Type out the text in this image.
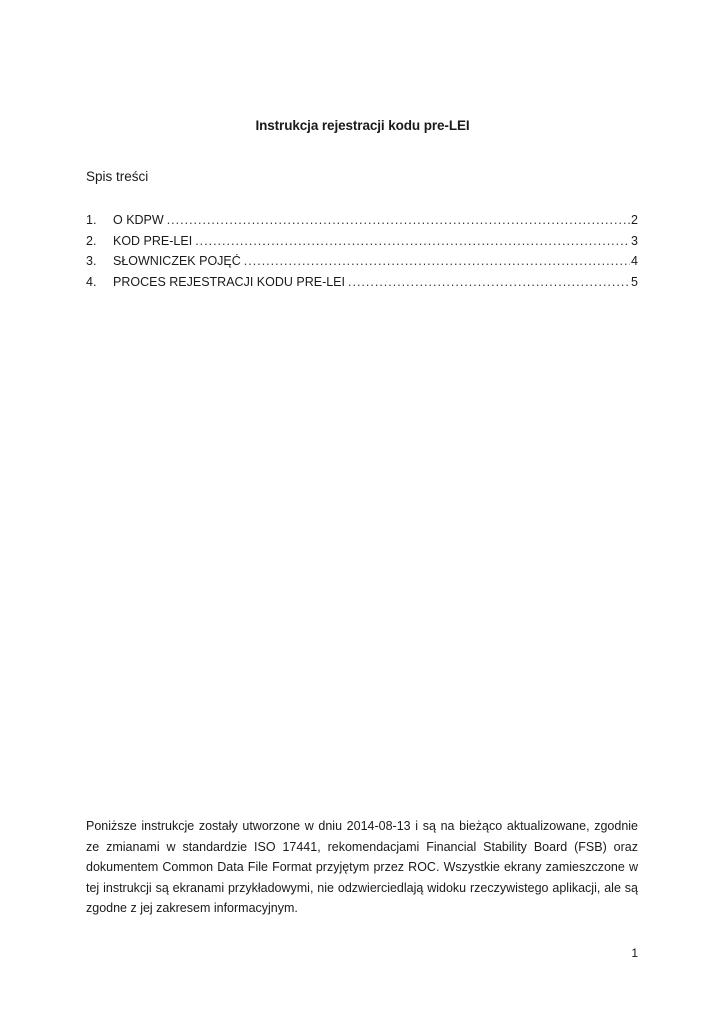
Instrukcja rejestracji kodu pre-LEI
Spis treści
1.	O KDPW .....	2
2.	KOD PRE-LEI .....	3
3.	SŁOWNICZEK POJĘĆ .....	4
4.	PROCES REJESTRACJI KODU PRE-LEI .....	5

Poniższe instrukcje zostały utworzone w dniu 2014-08-13 i są na bieżąco aktualizowane, zgodnie ze zmianami w standardzie ISO 17441, rekomendacjami Financial Stability Board (FSB) oraz dokumentem Common Data File Format przyjętym przez ROC. Wszystkie ekrany zamieszczone w tej instrukcji są ekranami przykładowymi, nie odzwierciedlają widoku rzeczywistego aplikacji, ale są zgodne z jej zakresem informacyjnym.

1
